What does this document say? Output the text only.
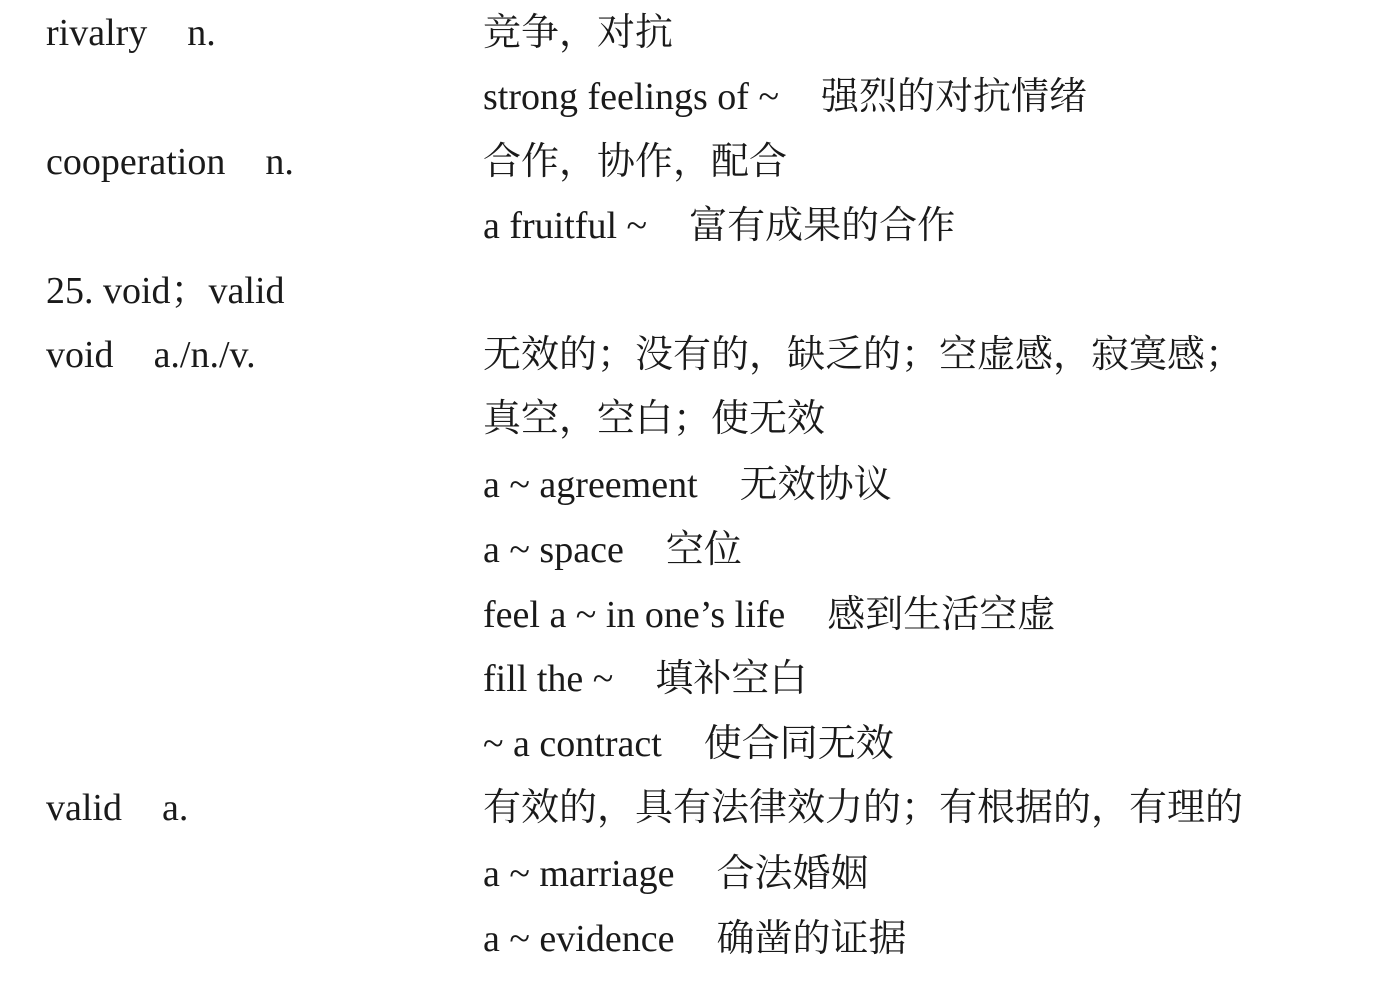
rivalry n.	竞争，对抗
strong feelings of ~ 强烈的对抗情绪
cooperation n.	合作，协作，配合
a fruitful ~ 富有成果的合作
25. void；valid
void a./n./v.	无效的；没有的，缺乏的；空虚感，寂寞感；
真空，空白；使无效
a ~ agreement 无效协议
a ~ space 空位
feel a ~ in one’s life 感到生活空虚
fill the ~ 填补空白
~ a contract 使合同无效
valid a.	有效的，具有法律效力的；有根据的，有理的
a ~ marriage 合法婚姻
a ~ evidence 确凿的证据
